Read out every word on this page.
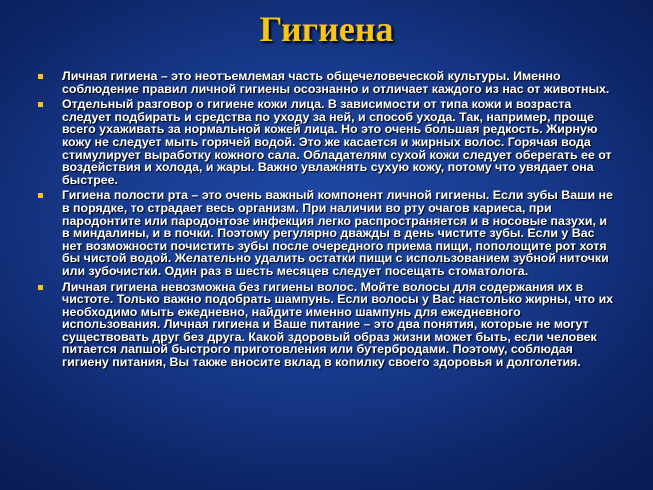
Гигиена
Личная гигиена – это неотъемлемая часть общечеловеческой культуры. Именно соблюдение правил личной гигиены осознанно и отличает каждого из нас от животных.
Отдельный разговор о гигиене кожи лица. В зависимости от типа кожи и возраста следует подбирать и средства по уходу за ней, и способ ухода. Так, например, проще всего ухаживать за нормальной кожей лица. Но это очень большая редкость. Жирную кожу не следует мыть горячей водой. Это же касается и жирных волос. Горячая вода стимулирует выработку кожного сала. Обладателям сухой кожи следует оберегать ее от воздействия и холода, и жары. Важно увлажнять сухую кожу, потому что увядает она быстрее.
Гигиена полости рта – это очень важный компонент личной гигиены. Если зубы Ваши не в порядке, то страдает весь организм. При наличии во рту очагов кариеса, при пародонтите или пародонтозе инфекция легко распространяется и в носовые пазухи, и в миндалины, и в почки. Поэтому регулярно дважды в день чистите зубы. Если у Вас нет возможности почистить зубы после очередного приема пищи, пополощите рот хотя бы чистой водой. Желательно удалить остатки пищи с использованием зубной ниточки или зубочистки. Один раз в шесть месяцев следует посещать стоматолога.
Личная гигиена невозможна без гигиены волос. Мойте волосы для содержания их в чистоте. Только важно подобрать шампунь. Если волосы у Вас настолько жирны, что их необходимо мыть ежедневно, найдите именно шампунь для ежедневного использования. Личная гигиена и Ваше питание – это два понятия, которые не могут существовать друг без друга. Какой здоровый образ жизни может быть, если человек питается лапшой быстрого приготовления или бутербродами. Поэтому, соблюдая гигиену питания, Вы также вносите вклад в копилку своего здоровья и долголетия.
